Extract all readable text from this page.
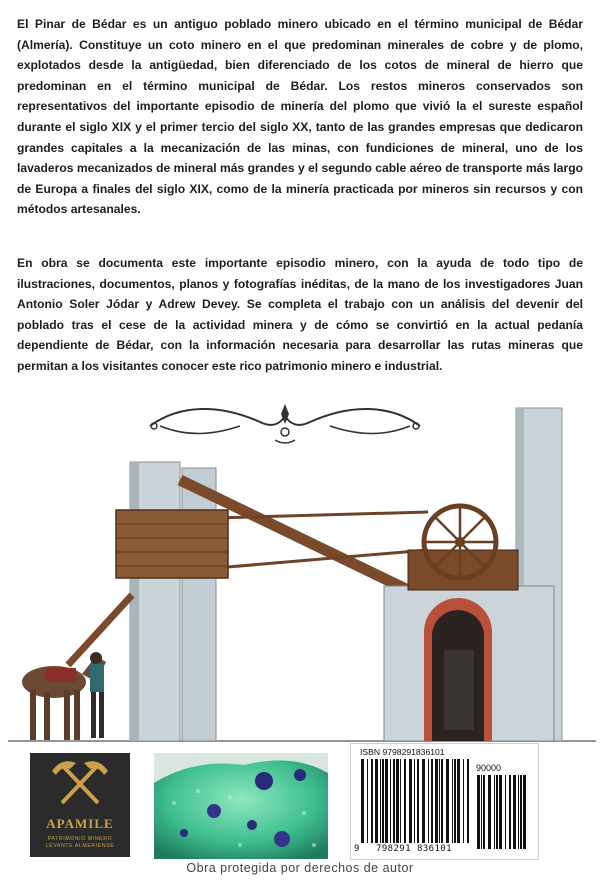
El Pinar de Bédar es un antiguo poblado minero ubicado en el término municipal de Bédar (Almería). Constituye un coto minero en el que predominan minerales de cobre y de plomo, explotados desde la antigüedad, bien diferenciado de los cotos de mineral de hierro que predominan en el término municipal de Bédar. Los restos mineros conservados son representativos del importante episodio de minería del plomo que vivió la el sureste español durante el siglo XIX y el primer tercio del siglo XX, tanto de las grandes empresas que dedicaron grandes capitales a la mecanización de las minas, con fundiciones de mineral, uno de los lavaderos mecanizados de mineral más grandes y el segundo cable aéreo de transporte más largo de Europa a finales del siglo XIX, como de la minería practicada por mineros sin recursos y con métodos artesanales.

En obra se documenta este importante episodio minero, con la ayuda de todo tipo de ilustraciones, documentos, planos y fotografías inéditas, de la mano de los investigadores Juan Antonio Soler Jódar y Adrew Devey. Se completa el trabajo con un análisis del devenir del poblado tras el cese de la actividad minera y de cómo se convirtió en la actual pedanía dependiente de Bédar, con la información necesaria para desarrollar las rutas mineras que permitan a los visitantes conocer este rico patrimonio minero e industrial.

APAMILE
PATRIMONIO MINERO
LEVANTE ALMERIENSE
ISBN 9798291836101
90000
9 798291 836101
Obra protegida por derechos de autor
